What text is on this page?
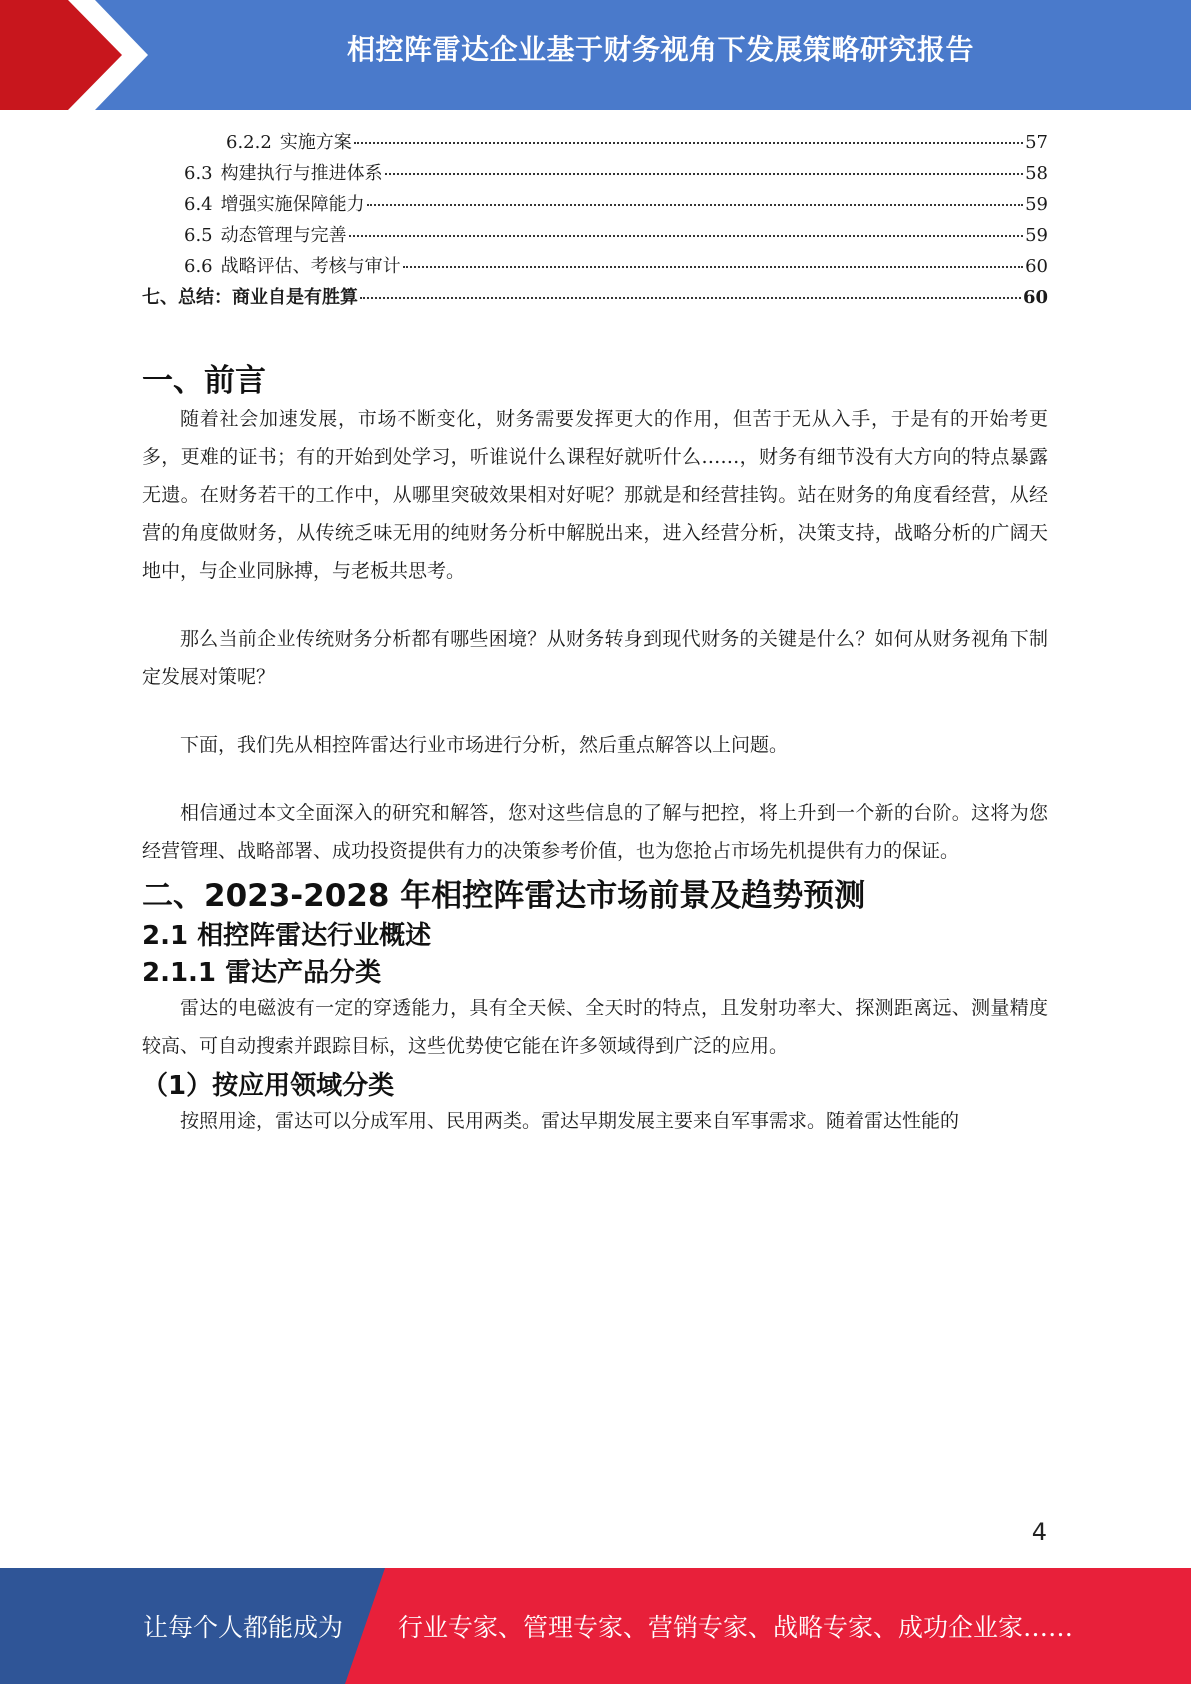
相控阵雷达企业基于财务视角下发展策略研究报告
6.2.2 实施方案	57
6.3 构建执行与推进体系	58
6.4 增强实施保障能力	59
6.5 动态管理与完善	59
6.6 战略评估、考核与审计	60
七、总结：商业自是有胜算	60
一、前言

随着社会加速发展，市场不断变化，财务需要发挥更大的作用，但苦于无从入手，于是有的开始考更多，更难的证书；有的开始到处学习，听谁说什么课程好就听什么……，财务有细节没有大方向的特点暴露无遗。在财务若干的工作中，从哪里突破效果相对好呢？那就是和经营挂钩。站在财务的角度看经营，从经营的角度做财务，从传统乏味无用的纯财务分析中解脱出来，进入经营分析，决策支持，战略分析的广阔天地中，与企业同脉搏，与老板共思考。

那么当前企业传统财务分析都有哪些困境？从财务转身到现代财务的关键是什么？如何从财务视角下制定发展对策呢？

下面，我们先从相控阵雷达行业市场进行分析，然后重点解答以上问题。

相信通过本文全面深入的研究和解答，您对这些信息的了解与把控，将上升到一个新的台阶。这将为您经营管理、战略部署、成功投资提供有力的决策参考价值，也为您抢占市场先机提供有力的保证。

二、2023-2028 年相控阵雷达市场前景及趋势预测
2.1 相控阵雷达行业概述
2.1.1 雷达产品分类

雷达的电磁波有一定的穿透能力，具有全天候、全天时的特点，且发射功率大、探测距离远、测量精度较高、可自动搜索并跟踪目标，这些优势使它能在许多领域得到广泛的应用。

（1）按应用领域分类

按照用途，雷达可以分成军用、民用两类。雷达早期发展主要来自军事需求。随着雷达性能的

4
让每个人都能成为 行业专家、管理专家、营销专家、战略专家、成功企业家……
